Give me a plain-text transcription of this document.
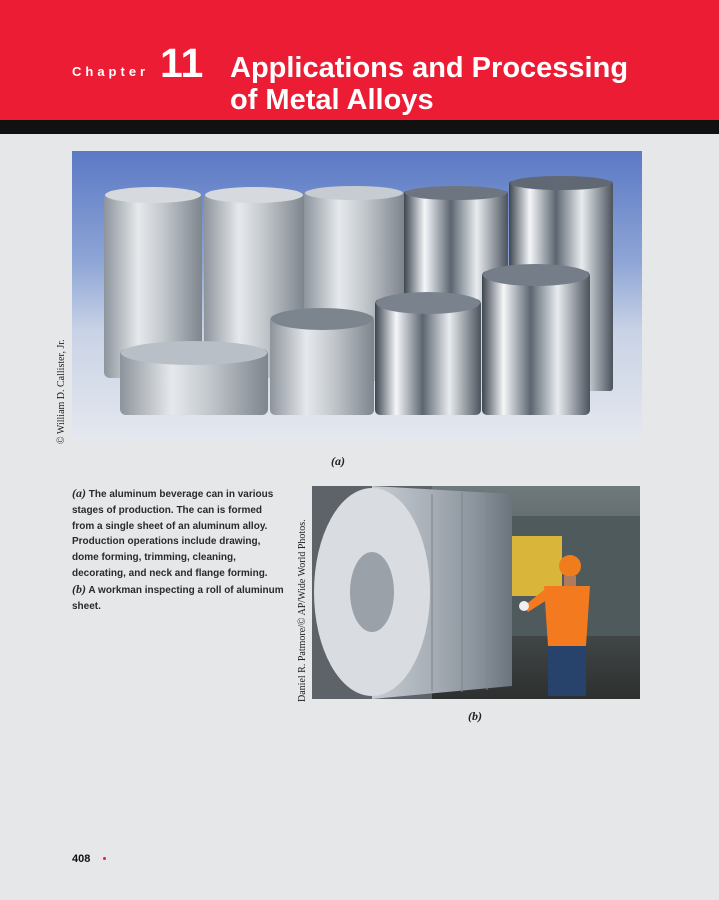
Chapter 11 Applications and Processing
of Metal Alloys
© William D. Callister, Jr.
(a)
(a) The aluminum beverage can in various stages of production. The can is formed from a single sheet of an aluminum alloy. Production operations include drawing, dome forming, trimming, cleaning, decorating, and neck and flange forming.
(b) A workman inspecting a roll of aluminum sheet.	Daniel R. Patmore/© AP/Wide World Photos.
(b)
408
